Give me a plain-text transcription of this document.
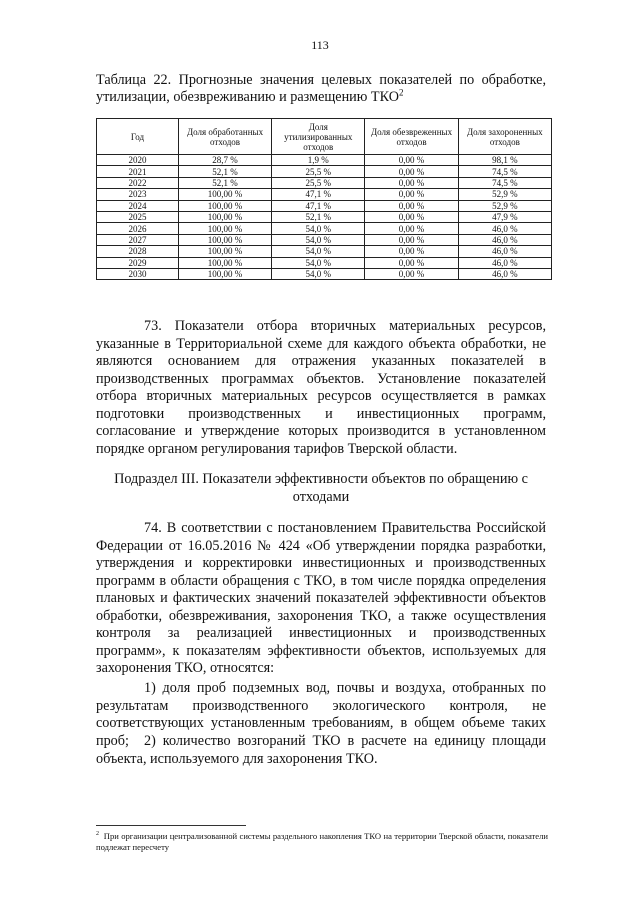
113
Таблица 22. Прогнозные значения целевых показателей по обработке, утилизации, обезвреживанию и размещению ТКО$^2$
Год	Доля обработанных отходов	Доля утилизированных отходов	Доля обезвреженных отходов	Доля захороненных отходов
2020	28,7 %	1,9 %	0,00 %	98,1 %
2021	52,1 %	25,5 %	0,00 %	74,5 %
2022	52,1 %	25,5 %	0,00 %	74,5 %
2023	100,00 %	47,1 %	0,00 %	52,9 %
2024	100,00 %	47,1 %	0,00 %	52,9 %
2025	100,00 %	52,1 %	0,00 %	47,9 %
2026	100,00 %	54,0 %	0,00 %	46,0 %
2027	100,00 %	54,0 %	0,00 %	46,0 %
2028	100,00 %	54,0 %	0,00 %	46,0 %
2029	100,00 %	54,0 %	0,00 %	46,0 %
2030	100,00 %	54,0 %	0,00 %	46,0 %
73. Показатели отбора вторичных материальных ресурсов, указанные в Территориальной схеме для каждого объекта обработки, не являются основанием для отражения указанных показателей в производственных программах объектов. Установление показателей отбора вторичных материальных ресурсов осуществляется в рамках подготовки производственных и инвестиционных программ, согласование и утверждение которых производится в установленном порядке органом регулирования тарифов Тверской области.
Подраздел III. Показатели эффективности объектов по обращению с отходами
74. В соответствии с постановлением Правительства Российской Федерации от 16.05.2016 № 424 «Об утверждении порядка разработки, утверждения и корректировки инвестиционных и производственных программ в области обращения с ТКО, в том числе порядка определения плановых и фактических значений показателей эффективности объектов обработки, обезвреживания, захоронения ТКО, а также осуществления контроля за реализацией инвестиционных и производственных программ», к показателям эффективности объектов, используемых для захоронения ТКО, относятся:
1) доля проб подземных вод, почвы и воздуха, отобранных по результатам производственного экологического контроля, не соответствующих установленным требованиям, в общем объеме таких проб;	2) количество возгораний ТКО в расчете на единицу площади объекта, используемого для захоронения ТКО.
$^2$ При организации централизованной системы раздельного накопления ТКО на территории Тверской области, показатели подлежат пересчету
